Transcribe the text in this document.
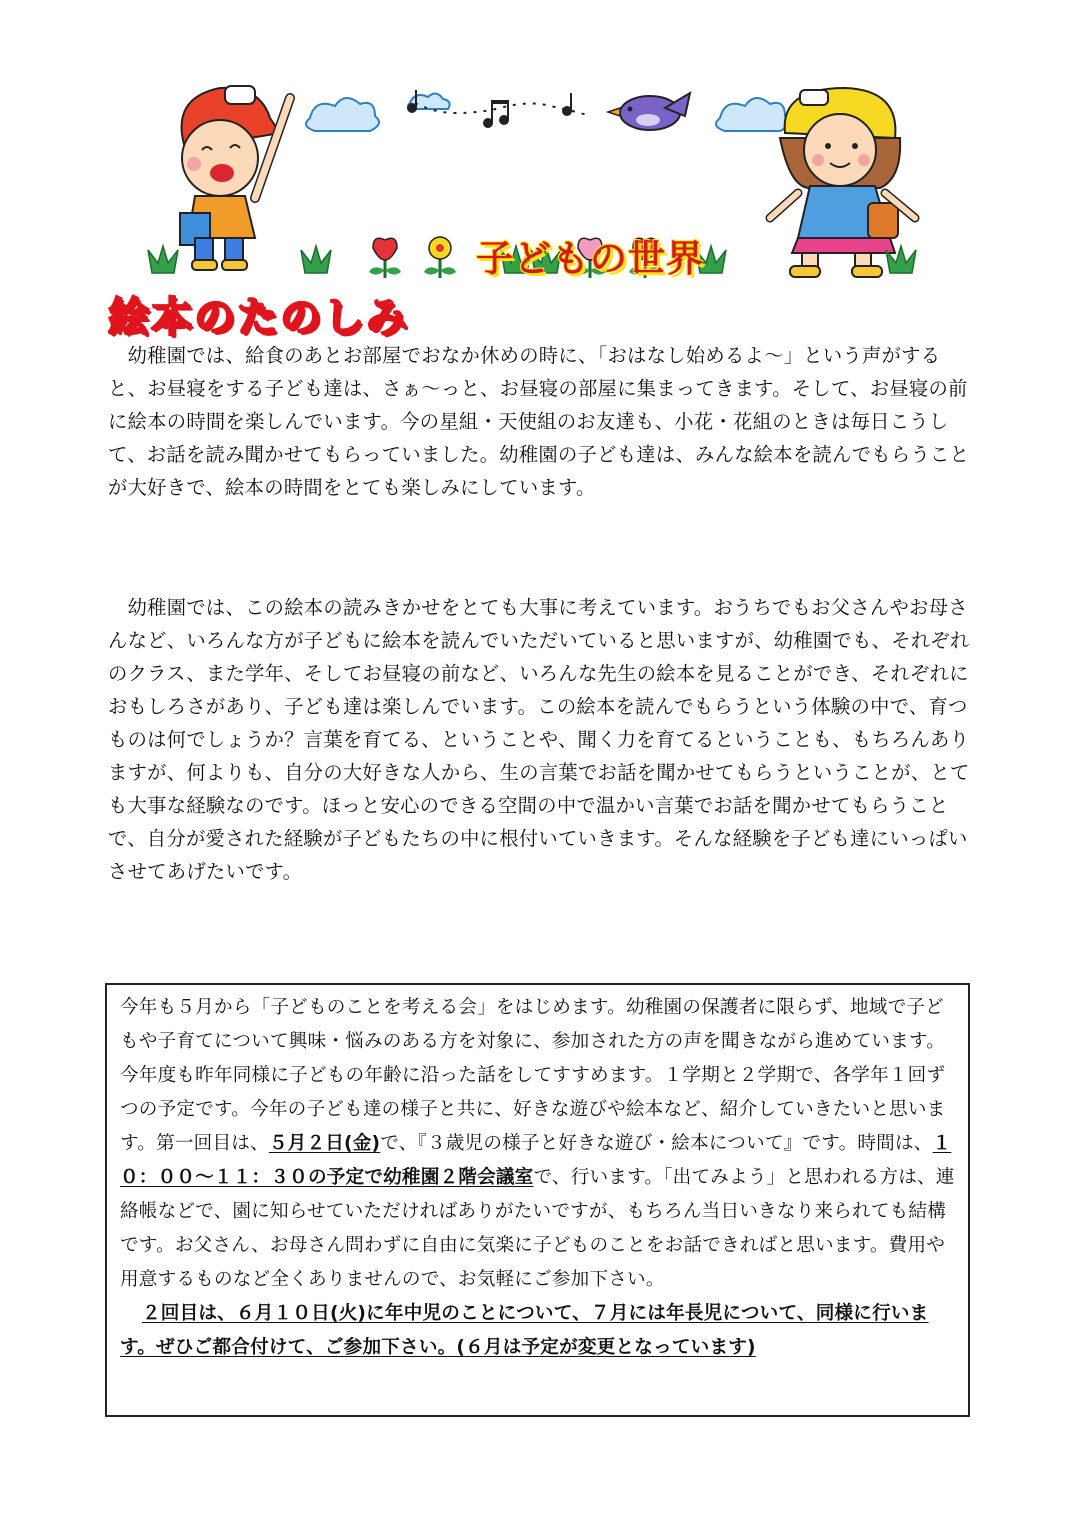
子どもの世界
絵本のたのしみ

　幼稚園では、給食のあとお部屋でおなか休めの時に、「おはなし始めるよ～」という声がすると、お昼寝をする子ども達は、さぁ～っと、お昼寝の部屋に集まってきます。そして、お昼寝の前に絵本の時間を楽しんでいます。今の星組・天使組のお友達も、小花・花組のときは毎日こうして、お話を読み聞かせてもらっていました。幼稚園の子ども達は、みんな絵本を読んでもらうことが大好きで、絵本の時間をとても楽しみにしています。

　幼稚園では、この絵本の読みきかせをとても大事に考えています。おうちでもお父さんやお母さんなど、いろんな方が子どもに絵本を読んでいただいていると思いますが、幼稚園でも、それぞれのクラス、また学年、そしてお昼寝の前など、いろんな先生の絵本を見ることができ、それぞれにおもしろさがあり、子ども達は楽しんでいます。この絵本を読んでもらうという体験の中で、育つものは何でしょうか？言葉を育てる、ということや、聞く力を育てるということも、もちろんありますが、何よりも、自分の大好きな人から、生の言葉でお話を聞かせてもらうということが、とても大事な経験なのです。ほっと安心のできる空間の中で温かい言葉でお話を聞かせてもらうことで、自分が愛された経験が子どもたちの中に根付いていきます。そんな経験を子ども達にいっぱいさせてあげたいです。

今年も５月から「子どものことを考える会」をはじめます。幼稚園の保護者に限らず、地域で子どもや子育てについて興味・悩みのある方を対象に、参加された方の声を聞きながら進めています。今年度も昨年同様に子どもの年齢に沿った話をしてすすめます。１学期と２学期で、各学年１回ずつの予定です。今年の子ども達の様子と共に、好きな遊びや絵本など、紹介していきたいと思います。第一回目は、５月２日(金)で、『３歳児の様子と好きな遊び・絵本について』です。時間は、１０：００～１１：３０の予定で幼稚園２階会議室で、行います。「出てみよう」と思われる方は、連絡帳などで、園に知らせていただければありがたいですが、もちろん当日いきなり来られても結構です。お父さん、お母さん問わずに自由に気楽に子どものことをお話できればと思います。費用や用意するものなど全くありませんので、お気軽にご参加下さい。

２回目は、６月１０日(火)に年中児のことについて、７月には年長児について、同様に行います。ぜひご都合付けて、ご参加下さい。(６月は予定が変更となっています)
